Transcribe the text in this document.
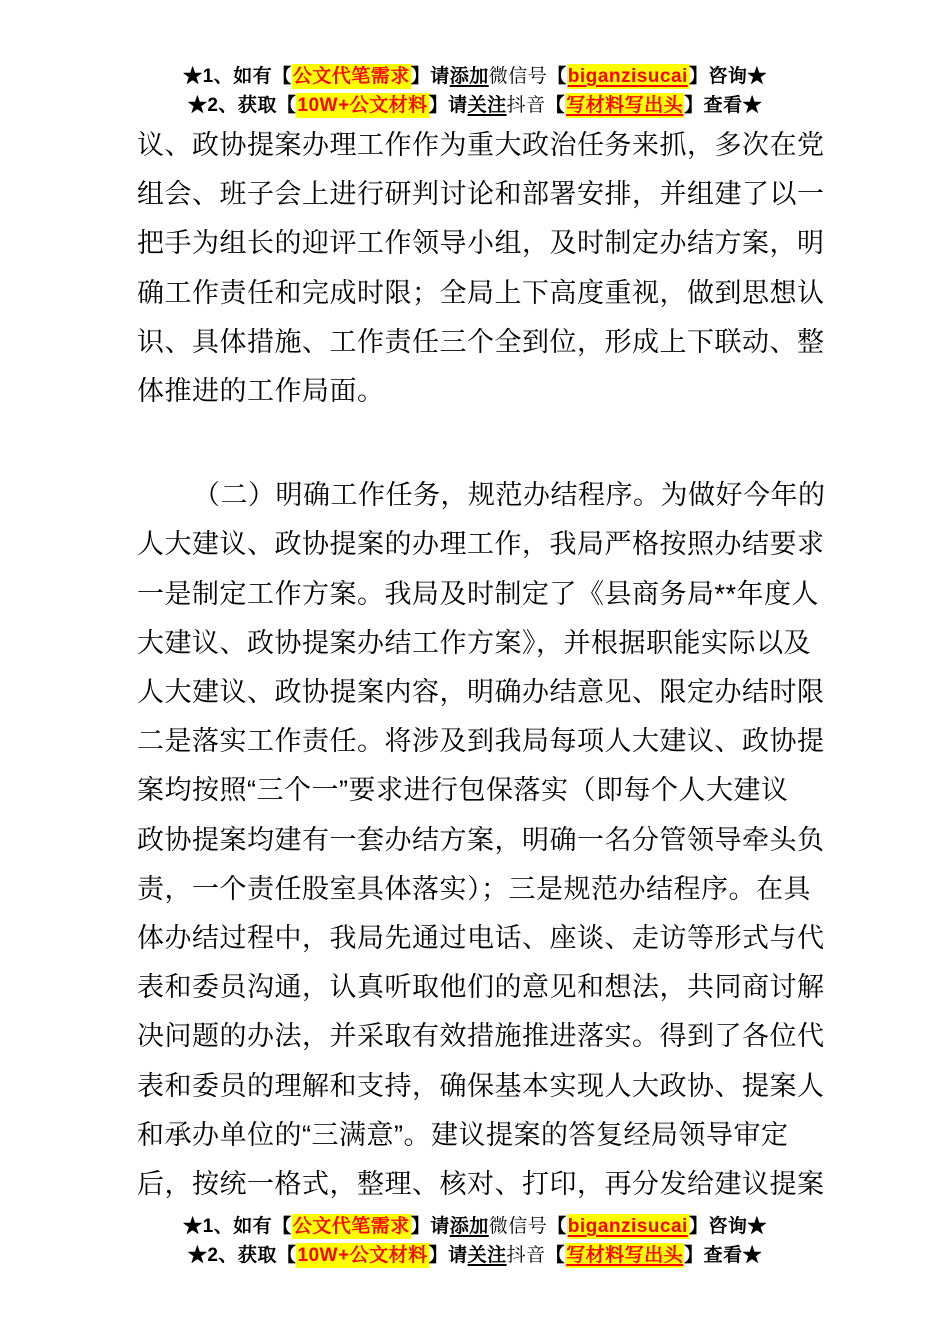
★1、如有【公文代笔需求】请添加微信号【biganzisucai】咨询★
★2、获取【10W+公文材料】请关注抖音【写材料写出头】查看★
议、政协提案办理工作作为重大政治任务来抓，多次在党
组会、班子会上进行研判讨论和部署安排，并组建了以一
把手为组长的迎评工作领导小组，及时制定办结方案，明
确工作责任和完成时限；全局上下高度重视，做到思想认
识、具体措施、工作责任三个全到位，形成上下联动、整
体推进的工作局面。
（二）明确工作任务，规范办结程序。为做好今年的
人大建议、政协提案的办理工作，我局严格按照办结要求
一是制定工作方案。我局及时制定了《县商务局**年度人
大建议、政协提案办结工作方案》，并根据职能实际以及
人大建议、政协提案内容，明确办结意见、限定办结时限
二是落实工作责任。将涉及到我局每项人大建议、政协提
案均按照“三个一”要求进行包保落实（即每个人大建议
政协提案均建有一套办结方案，明确一名分管领导牵头负
责，一个责任股室具体落实）；三是规范办结程序。在具
体办结过程中，我局先通过电话、座谈、走访等形式与代
表和委员沟通，认真听取他们的意见和想法，共同商讨解
决问题的办法，并采取有效措施推进落实。得到了各位代
表和委员的理解和支持，确保基本实现人大政协、提案人
和承办单位的“三满意”。建议提案的答复经局领导审定
后，按统一格式，整理、核对、打印，再分发给建议提案
★1、如有【公文代笔需求】请添加微信号【biganzisucai】咨询★
★2、获取【10W+公文材料】请关注抖音【写材料写出头】查看★
